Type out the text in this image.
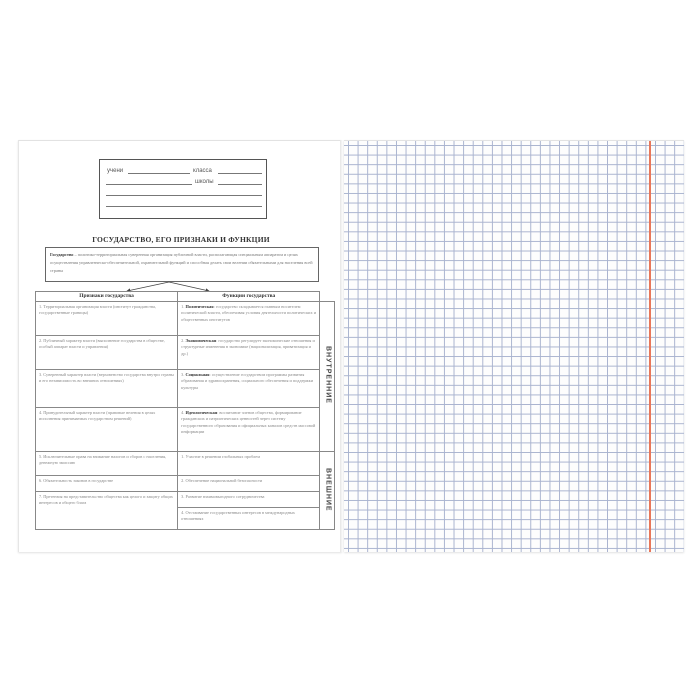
учени	класса
школы
ГОСУДАРСТВО, ЕГО ПРИЗНАКИ И ФУНКЦИИ
Государство – политико-территориальная суверенная организация публичной власти, располагающая специальным аппаратом и целях осуществления управленческо-обеспечительной, охранительной функций и способная делать свои велении обязательными для населения всей страны
Признаки государства	Функции государства	
1. Территориальная организация власти (институт гражданства, государственные границы)	1. Политическая: государство складывается главным носителем политической власти, обеспечивая условия деятельности политических и общественных институтов	ВНУТРЕННИЕ
2. Публичный характер власти (выполнение государства в обществе, особый аппарат власти и управления)	2. Экономическая: государство регулирует экономические отношения и структурные изменения в экономике (национализация, приватизация и др.)	
3. Суверенный характер власти (верховенство государства внутри страны и его независимость во внешних отношениях)	3. Социальная: осуществление государством программы развития образования и здравоохранения, социального обеспечения и поддержки культуры	
4. Принудительный характер власти (правовые веления в целях исполнения принимаемых государством решений)	4. Идеологическая: воспитание членов общества, формирование гражданских и патриотических ценностей через систему государственного образования и официальных каналов средств массовой информации	
5. Исключительные права на взимание налогов и сборов с населения, денежную эмиссию	1. Участие в решении глобальных проблем	ВНЕШНИЕ
6. Обязательность законов в государстве	2. Обеспечение национальной безопасности	
7. Претензия на представительство общества как целого и защиту общих интересов и общего блага	3. Развитие взаимовыгодного сотрудничества	
	4. Отстаивание государственных интересов в международных отношениях	
